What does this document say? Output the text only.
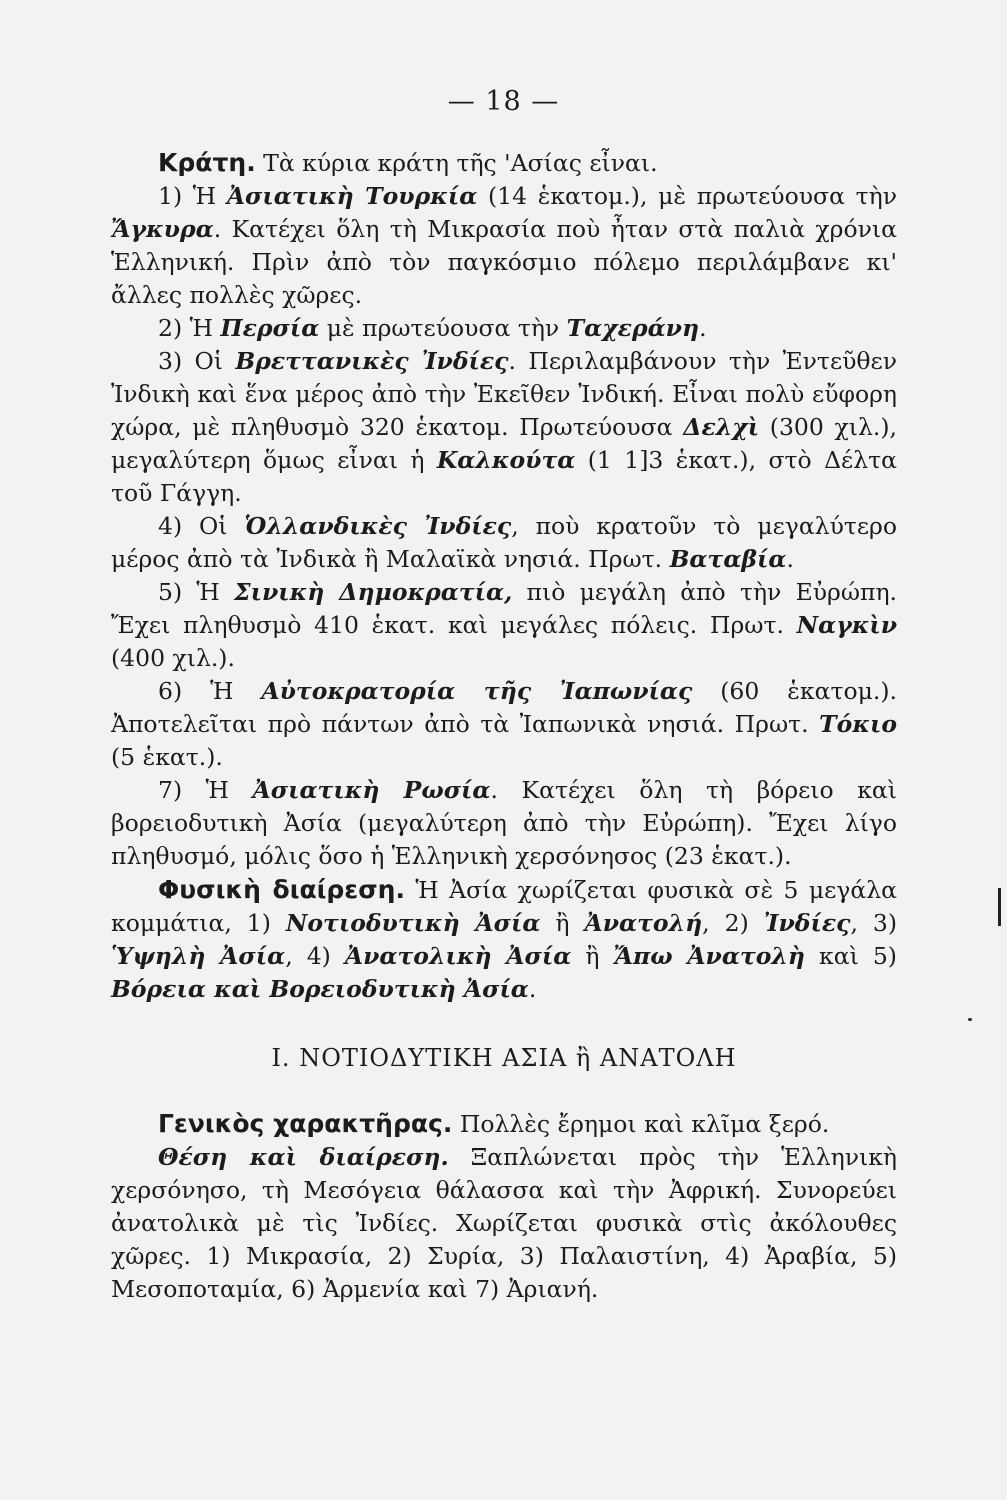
— 18 —

Κράτη. Τὰ κύρια κράτη τῆς 'Ασίας εἶναι.

1) Ἡ Ἀσιατικὴ Τουρκία (14 ἑκατομ.), μὲ πρωτεύουσα τὴν Ἄγκυρα. Κατέχει ὅλη τὴ Μικρασία ποὺ ἦταν στὰ παλιὰ χρόνια Ἑλληνική. Πρὶν ἀπὸ τὸν παγκόσμιο πόλεμο περιλάμβανε κι' ἄλλες πολλὲς χῶρες.

2) Ἡ Περσία μὲ πρωτεύουσα τὴν Ταχεράνη.

3) Οἱ Βρεττανικὲς Ἰνδίες. Περιλαμβάνουν τὴν Ἐντεῦθεν Ἰνδικὴ καὶ ἕνα μέρος ἀπὸ τὴν Ἐκεῖθεν Ἰνδική. Εἶναι πολὺ εὔφορη χώρα, μὲ πληθυσμὸ 320 ἑκατομ. Πρωτεύουσα Δελχὶ (300 χιλ.), μεγαλύτερη ὅμως εἶναι ἡ Καλκούτα (1 1]3 ἑκατ.), στὸ Δέλτα τοῦ Γάγγη.

4) Οἱ Ὁλλανδικὲς Ἰνδίες, ποὺ κρατοῦν τὸ μεγαλύτερο μέρος ἀπὸ τὰ Ἰνδικὰ ἢ Μαλαϊκὰ νησιά. Πρωτ. Βαταβία.

5) Ἡ Σινικὴ Δημοκρατία, πιὸ μεγάλη ἀπὸ τὴν Εὐρώπη. Ἔχει πληθυσμὸ 410 ἑκατ. καὶ μεγάλες πόλεις. Πρωτ. Ναγκὶν (400 χιλ.).

6) Ἡ Αὐτοκρατορία τῆς Ἰαπωνίας (60 ἑκατομ.). Ἀποτελεῖται πρὸ πάντων ἀπὸ τὰ Ἰαπωνικὰ νησιά. Πρωτ. Τόκιο (5 ἑκατ.).

7) Ἡ Ἀσιατικὴ Ρωσία. Κατέχει ὅλη τὴ βόρειο καὶ βορειοδυτικὴ Ἀσία (μεγαλύτερη ἀπὸ τὴν Εὐρώπη). Ἔχει λίγο πληθυσμό, μόλις ὅσο ἡ Ἑλληνικὴ χερσόνησος (23 ἑκατ.).

Φυσικὴ διαίρεση. Ἡ Ἀσία χωρίζεται φυσικὰ σὲ 5 μεγάλα κομμάτια, 1) Νοτιοδυτικὴ Ἀσία ἢ Ἀνατολή, 2) Ἰνδίες, 3) Ὑψηλὴ Ἀσία, 4) Ἀνατολικὴ Ἀσία ἢ Ἄπω Ἀνατολὴ καὶ 5) Βόρεια καὶ Βορειοδυτικὴ Ἀσία.

Ι. ΝΟΤΙΟΔΥΤΙΚΗ ΑΣΙΑ ἢ ΑΝΑΤΟΛΗ

Γενικὸς χαρακτῆρας. Πολλὲς ἔρημοι καὶ κλῖμα ξερό.

Θέση καὶ διαίρεση. Ξαπλώνεται πρὸς τὴν Ἑλληνικὴ χερσόνησο, τὴ Μεσόγεια θάλασσα καὶ τὴν Ἀφρική. Συνορεύει ἀνατολικὰ μὲ τὶς Ἰνδίες. Χωρίζεται φυσικὰ στὶς ἀκόλουθες χῶρες. 1) Μικρασία, 2) Συρία, 3) Παλαιστίνη, 4) Ἀραβία, 5) Μεσοποταμία, 6) Ἀρμενία καὶ 7) Ἀριανή.
